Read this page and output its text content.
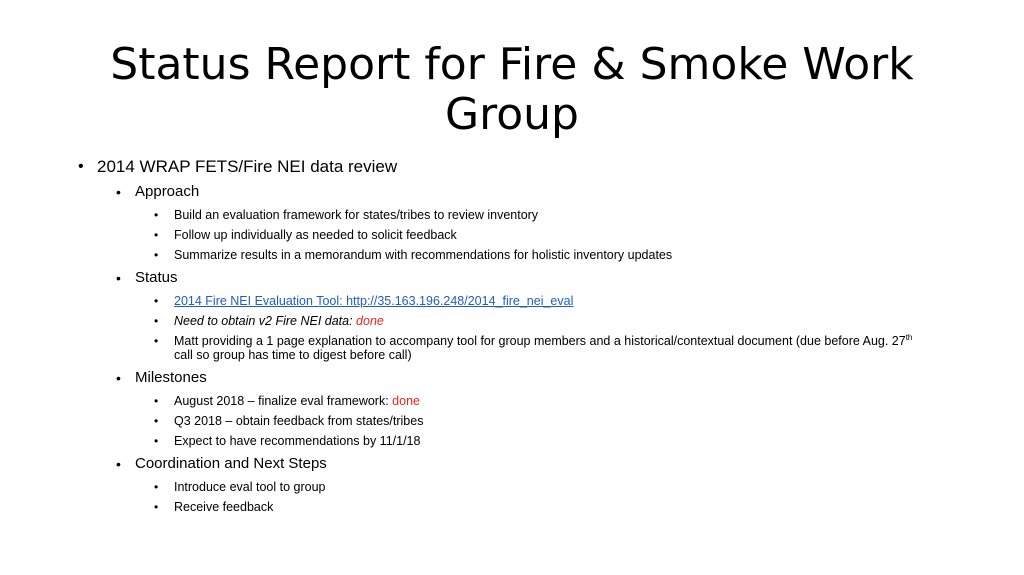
Status Report for Fire & Smoke Work
Group
• 2014 WRAP FETS/Fire NEI data review
• Approach
• Build an evaluation framework for states/tribes to review inventory
• Follow up individually as needed to solicit feedback
• Summarize results in a memorandum with recommendations for holistic inventory updates
• Status
• 2014 Fire NEI Evaluation Tool: http://35.163.196.248/2014_fire_nei_eval
• Need to obtain v2 Fire NEI data: done
• Matt providing a 1 page explanation to accompany tool for group members and a historical/contextual document (due before Aug. 27th
call so group has time to digest before call)
• Milestones
• August 2018 – finalize eval framework: done
• Q3 2018 – obtain feedback from states/tribes
• Expect to have recommendations by 11/1/18
• Coordination and Next Steps
• Introduce eval tool to group
• Receive feedback
